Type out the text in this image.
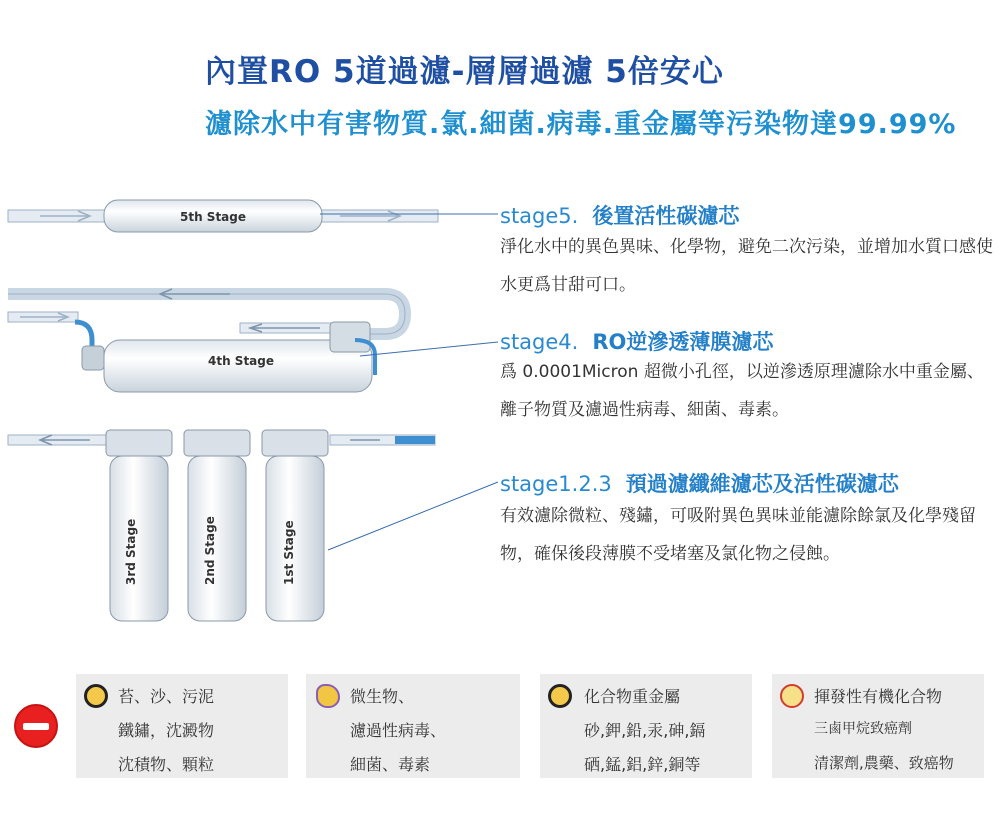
內置RO 5道過濾-層層過濾 5倍安心
濾除水中有害物質.氯.細菌.病毒.重金屬等污染物達99.99%
5th Stage
4th Stage
3rd Stage	2nd Stage	1st Stage
stage5. 後置活性碳濾芯
淨化水中的異色異味、化學物，避免二次污染，並增加水質口感使水更爲甘甜可口。
stage4. RO逆滲透薄膜濾芯
爲 0.0001Micron 超微小孔徑，以逆滲透原理濾除水中重金屬、離子物質及濾過性病毒、細菌、毒素。
stage1.2.3 預過濾纖維濾芯及活性碳濾芯
有效濾除微粒、殘鏽，可吸附異色異味並能濾除餘氯及化學殘留物，確保後段薄膜不受堵塞及氯化物之侵蝕。
苔、沙、污泥
鐵鏽，沈澱物
沈積物、顆粒
微生物、
濾過性病毒、
細菌、毒素
化合物重金屬
砂,鉀,鉛,汞,砷,鎘
硒,錳,鋁,鋅,銅等
揮發性有機化合物
三鹵甲烷致癌劑
清潔劑,農藥、致癌物
